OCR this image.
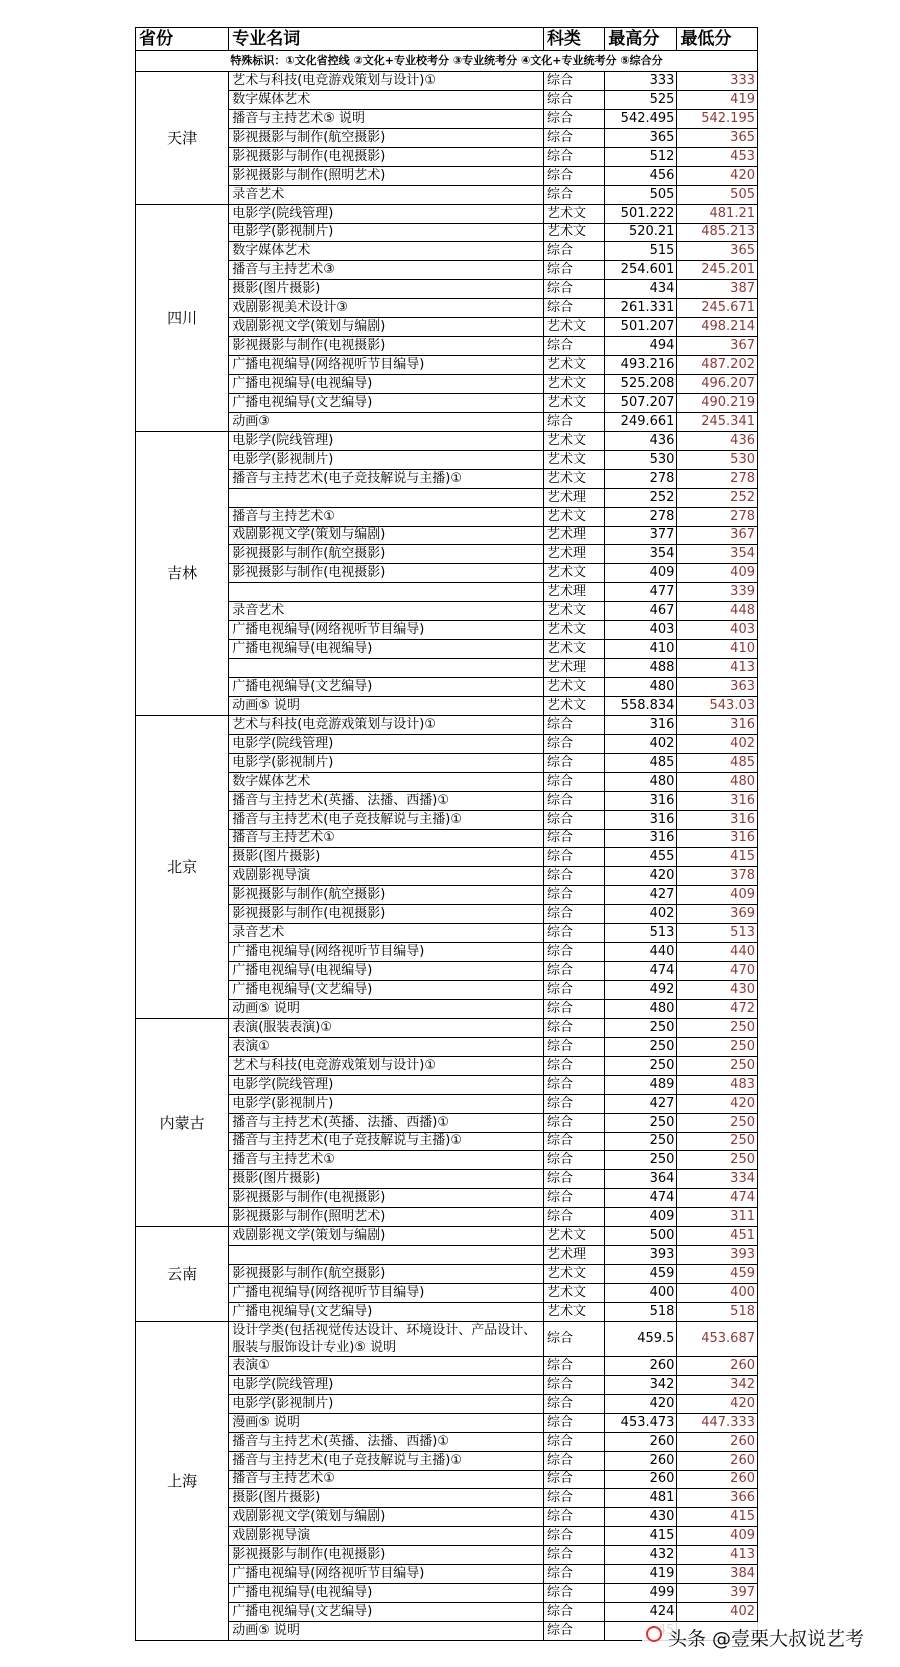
省份	专业名词	科类	最高分	最低分
特殊标识：①文化省控线 ②文化+专业校考分 ③专业统考分 ④文化+专业统考分 ⑤综合分				
天津	艺术与科技(电竞游戏策划与设计)①	综合	333	333
	数字媒体艺术	综合	525	419
	播音与主持艺术⑤ 说明	综合	542.495	542.195
	影视摄影与制作(航空摄影)	综合	365	365
	影视摄影与制作(电视摄影)	综合	512	453
	影视摄影与制作(照明艺术)	综合	456	420
	录音艺术	综合	505	505
四川	电影学(院线管理)	艺术文	501.222	481.21
	电影学(影视制片)	艺术文	520.21	485.213
	数字媒体艺术	综合	515	365
	播音与主持艺术③	综合	254.601	245.201
	摄影(图片摄影)	综合	434	387
	戏剧影视美术设计③	综合	261.331	245.671
	戏剧影视文学(策划与编剧)	艺术文	501.207	498.214
	影视摄影与制作(电视摄影)	综合	494	367
	广播电视编导(网络视听节目编导)	艺术文	493.216	487.202
	广播电视编导(电视编导)	艺术文	525.208	496.207
	广播电视编导(文艺编导)	艺术文	507.207	490.219
	动画③	综合	249.661	245.341
吉林	电影学(院线管理)	艺术文	436	436
	电影学(影视制片)	艺术文	530	530
	播音与主持艺术(电子竞技解说与主播)①	艺术文	278	278
		艺术理	252	252
	播音与主持艺术①	艺术文	278	278
	戏剧影视文学(策划与编剧)	艺术理	377	367
	影视摄影与制作(航空摄影)	艺术理	354	354
	影视摄影与制作(电视摄影)	艺术文	409	409
		艺术理	477	339
	录音艺术	艺术文	467	448
	广播电视编导(网络视听节目编导)	艺术文	403	403
	广播电视编导(电视编导)	艺术文	410	410
		艺术理	488	413
	广播电视编导(文艺编导)	艺术文	480	363
	动画⑤ 说明	艺术文	558.834	543.03
北京	艺术与科技(电竞游戏策划与设计)①	综合	316	316
	电影学(院线管理)	综合	402	402
	电影学(影视制片)	综合	485	485
	数字媒体艺术	综合	480	480
	播音与主持艺术(英播、法播、西播)①	综合	316	316
	播音与主持艺术(电子竞技解说与主播)①	综合	316	316
	播音与主持艺术①	综合	316	316
	摄影(图片摄影)	综合	455	415
	戏剧影视导演	综合	420	378
	影视摄影与制作(航空摄影)	综合	427	409
	影视摄影与制作(电视摄影)	综合	402	369
	录音艺术	综合	513	513
	广播电视编导(网络视听节目编导)	综合	440	440
	广播电视编导(电视编导)	综合	474	470
	广播电视编导(文艺编导)	综合	492	430
	动画⑤ 说明	综合	480	472
内蒙古	表演(服装表演)①	综合	250	250
	表演①	综合	250	250
	艺术与科技(电竞游戏策划与设计)①	综合	250	250
	电影学(院线管理)	综合	489	483
	电影学(影视制片)	综合	427	420
	播音与主持艺术(英播、法播、西播)①	综合	250	250
	播音与主持艺术(电子竞技解说与主播)①	综合	250	250
	播音与主持艺术①	综合	250	250
	摄影(图片摄影)	综合	364	334
	影视摄影与制作(电视摄影)	综合	474	474
	影视摄影与制作(照明艺术)	综合	409	311
云南	戏剧影视文学(策划与编剧)	艺术文	500	451
		艺术理	393	393
	影视摄影与制作(航空摄影)	艺术文	459	459
	广播电视编导(网络视听节目编导)	艺术文	400	400
	广播电视编导(文艺编导)	艺术文	518	518
上海	设计学类(包括视觉传达设计、环境设计、产品设计、服装与服饰设计专业)⑤ 说明	综合	459.5	453.687
	表演①	综合	260	260
	电影学(院线管理)	综合	342	342
	电影学(影视制片)	综合	420	420
	漫画⑤ 说明	综合	453.473	447.333
	播音与主持艺术(英播、法播、西播)①	综合	260	260
	播音与主持艺术(电子竞技解说与主播)①	综合	260	260
	播音与主持艺术①	综合	260	260
	摄影(图片摄影)	综合	481	366
	戏剧影视文学(策划与编剧)	综合	430	415
	戏剧影视导演	综合	415	409
	影视摄影与制作(电视摄影)	综合	432	413
	广播电视编导(网络视听节目编导)	综合	419	384
	广播电视编导(电视编导)	综合	499	397
	广播电视编导(文艺编导)	综合	424	402
	动画⑤ 说明	综合			头条 @壹栗大叔说艺考
